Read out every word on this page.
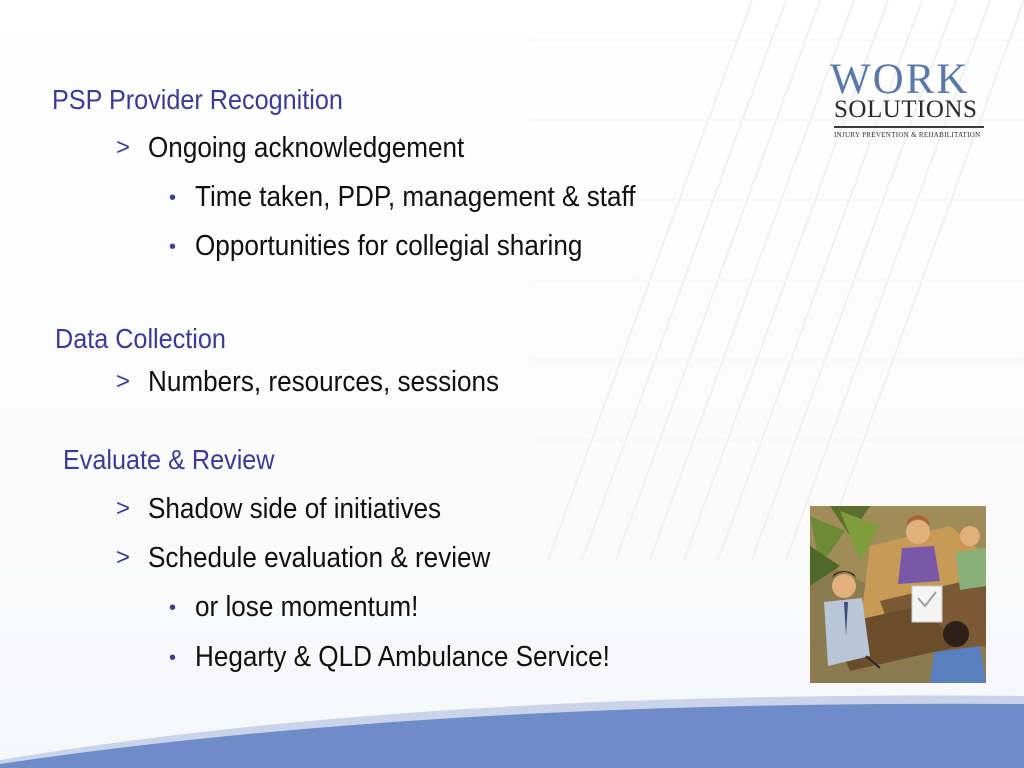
WORK
SOLUTIONS
INJURY PREVENTION & REHABILITATION
PSP Provider Recognition
> Ongoing acknowledgement
• Time taken, PDP, management & staff
• Opportunities for collegial sharing
Data Collection
> Numbers, resources, sessions
Evaluate & Review
> Shadow side of initiatives
> Schedule evaluation & review
• or lose momentum!
• Hegarty & QLD Ambulance Service!
